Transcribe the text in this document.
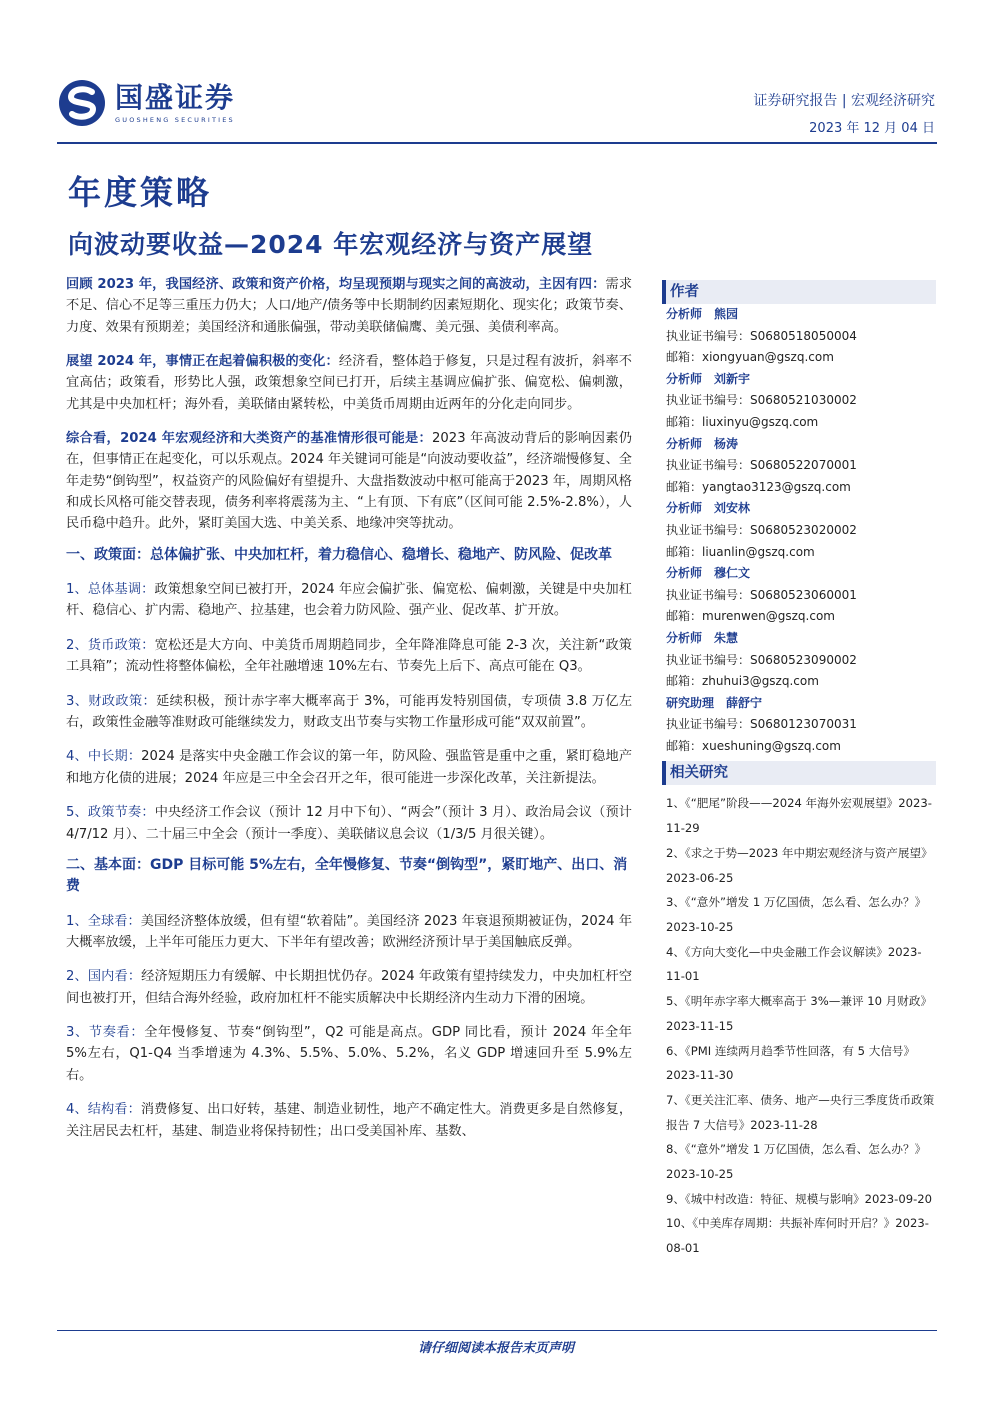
国盛证券
GUOSHENG SECURITIES
证券研究报告 | 宏观经济研究
2023 年 12 月 04 日
年度策略
向波动要收益—2024 年宏观经济与资产展望

回顾 2023 年，我国经济、政策和资产价格，均呈现预期与现实之间的高波动，主因有四：需求不足、信心不足等三重压力仍大；人口/地产/债务等中长期制约因素短期化、现实化；政策节奏、力度、效果有预期差；美国经济和通胀偏强，带动美联储偏鹰、美元强、美债利率高。

展望 2024 年，事情正在起着偏积极的变化：经济看，整体趋于修复，只是过程有波折，斜率不宜高估；政策看，形势比人强，政策想象空间已打开，后续主基调应偏扩张、偏宽松、偏刺激，尤其是中央加杠杆；海外看，美联储由紧转松，中美货币周期由近两年的分化走向同步。

综合看，2024 年宏观经济和大类资产的基准情形很可能是：2023 年高波动背后的影响因素仍在，但事情正在起变化，可以乐观点。2024 年关键词可能是“向波动要收益”，经济端慢修复、全年走势“倒钩型”，权益资产的风险偏好有望提升、大盘指数波动中枢可能高于2023 年，周期风格和成长风格可能交替表现，债务利率将震荡为主、“上有顶、下有底”（区间可能 2.5%-2.8%），人民币稳中趋升。此外，紧盯美国大选、中美关系、地缘冲突等扰动。

一、政策面：总体偏扩张、中央加杠杆，着力稳信心、稳增长、稳地产、防风险、促改革

1、总体基调：政策想象空间已被打开，2024 年应会偏扩张、偏宽松、偏刺激，关键是中央加杠杆、稳信心、扩内需、稳地产、拉基建，也会着力防风险、强产业、促改革、扩开放。

2、货币政策：宽松还是大方向、中美货币周期趋同步，全年降准降息可能 2-3 次，关注新“政策工具箱”；流动性将整体偏松，全年社融增速 10%左右、节奏先上后下、高点可能在 Q3。

3、财政政策：延续积极，预计赤字率大概率高于 3%，可能再发特别国债，专项债 3.8 万亿左右，政策性金融等准财政可能继续发力，财政支出节奏与实物工作量形成可能“双双前置”。

4、中长期：2024 是落实中央金融工作会议的第一年，防风险、强监管是重中之重，紧盯稳地产和地方化债的进展；2024 年应是三中全会召开之年，很可能进一步深化改革，关注新提法。

5、政策节奏：中央经济工作会议（预计 12 月中下旬）、“两会”（预计 3 月）、政治局会议（预计 4/7/12 月）、二十届三中全会（预计一季度）、美联储议息会议（1/3/5 月很关键）。

二、基本面：GDP 目标可能 5%左右，全年慢修复、节奏“倒钩型”，紧盯地产、出口、消费

1、全球看：美国经济整体放缓，但有望“软着陆”。美国经济 2023 年衰退预期被证伪，2024 年大概率放缓，上半年可能压力更大、下半年有望改善；欧洲经济预计早于美国触底反弹。

2、国内看：经济短期压力有缓解、中长期担忧仍存。2024 年政策有望持续发力，中央加杠杆空间也被打开，但结合海外经验，政府加杠杆不能实质解决中长期经济内生动力下滑的困境。

3、节奏看：全年慢修复、节奏“倒钩型”，Q2 可能是高点。GDP 同比看，预计 2024 年全年 5%左右，Q1-Q4 当季增速为 4.3%、5.5%、5.0%、5.2%，名义 GDP 增速回升至 5.9%左右。

4、结构看：消费修复、出口好转，基建、制造业韧性，地产不确定性大。消费更多是自然修复，关注居民去杠杆，基建、制造业将保持韧性；出口受美国补库、基数、

作者
分析师　熊园
执业证书编号：S0680518050004
邮箱：xiongyuan@gszq.com
分析师　刘新宇
执业证书编号：S0680521030002
邮箱：liuxinyu@gszq.com
分析师　杨涛
执业证书编号：S0680522070001
邮箱：yangtao3123@gszq.com
分析师　刘安林
执业证书编号：S0680523020002
邮箱：liuanlin@gszq.com
分析师　穆仁文
执业证书编号：S0680523060001
邮箱：murenwen@gszq.com
分析师　朱慧
执业证书编号：S0680523090002
邮箱：zhuhui3@gszq.com
研究助理　薛舒宁
执业证书编号：S0680123070031
邮箱：xueshuning@gszq.com
相关研究
1、《“肥尾”阶段——2024 年海外宏观展望》2023-11-29
2、《求之于势—2023 年中期宏观经济与资产展望》2023-06-25
3、《“意外”增发 1 万亿国债，怎么看、怎么办？》2023-10-25
4、《方向大变化—中央金融工作会议解读》2023-11-01
5、《明年赤字率大概率高于 3%—兼评 10 月财政》2023-11-15
6、《PMI 连续两月趋季节性回落，有 5 大信号》2023-11-30
7、《更关注汇率、债务、地产—央行三季度货币政策报告 7 大信号》2023-11-28
8、《“意外”增发 1 万亿国债，怎么看、怎么办？》2023-10-25
9、《城中村改造：特征、规模与影响》2023-09-20
10、《中美库存周期：共振补库何时开启？》2023-08-01
请仔细阅读本报告末页声明
